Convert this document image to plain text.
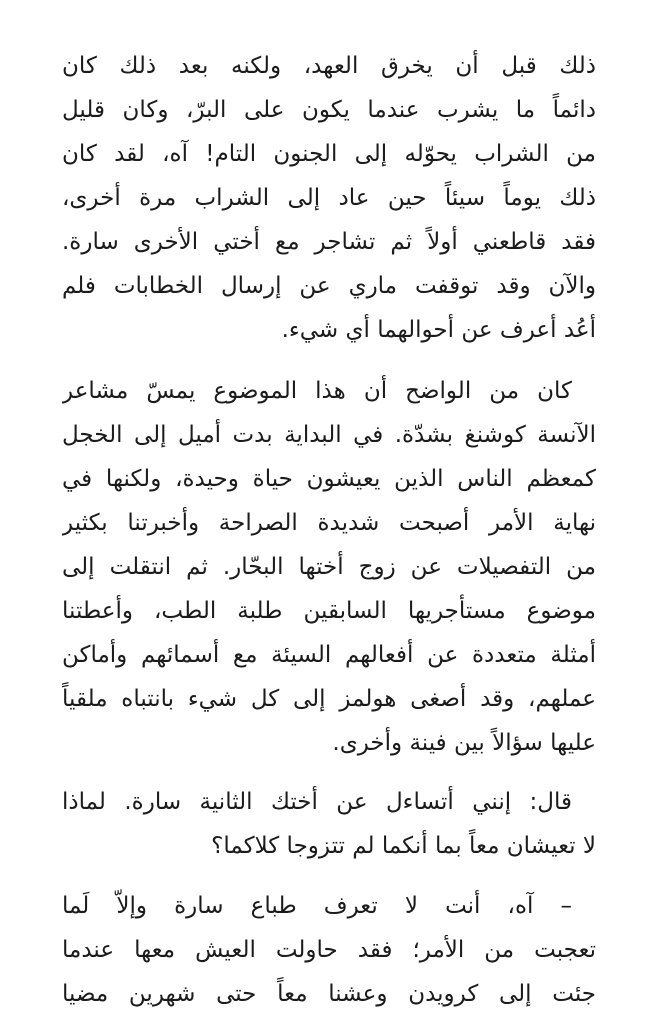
ذلك قبل أن يخرق العهد، ولكنه بعد ذلك كان
دائماً ما يشرب عندما يكون على البرّ، وكان قليل
من الشراب يحوّله إلى الجنون التام! آه، لقد كان
ذلك يوماً سيئاً حين عاد إلى الشراب مرة أخرى،
فقد قاطعني أولاً ثم تشاجر مع أختي الأخرى سارة.
والآن وقد توقفت ماري عن إرسال الخطابات فلم
أعُد أعرف عن أحوالهما أي شيء.
كان من الواضح أن هذا الموضوع يمسّ مشاعر
الآنسة كوشنغ بشدّة. في البداية بدت أميل إلى الخجل
كمعظم الناس الذين يعيشون حياة وحيدة، ولكنها في
نهاية الأمر أصبحت شديدة الصراحة وأخبرتنا بكثير
من التفصيلات عن زوج أختها البحّار. ثم انتقلت إلى
موضوع مستأجريها السابقين طلبة الطب، وأعطتنا
أمثلة متعددة عن أفعالهم السيئة مع أسمائهم وأماكن
عملهم، وقد أصغى هولمز إلى كل شيء بانتباه ملقياً
عليها سؤالاً بين فينة وأخرى.
قال: إنني أتساءل عن أختك الثانية سارة. لماذا
لا تعيشان معاً بما أنكما لم تتزوجا كلاكما؟
– آه، أنت لا تعرف طباع سارة وإلاّ لَما
تعجبت من الأمر؛ فقد حاولت العيش معها عندما
جئت إلى كرويدن وعشنا معاً حتى شهرين مضيا
